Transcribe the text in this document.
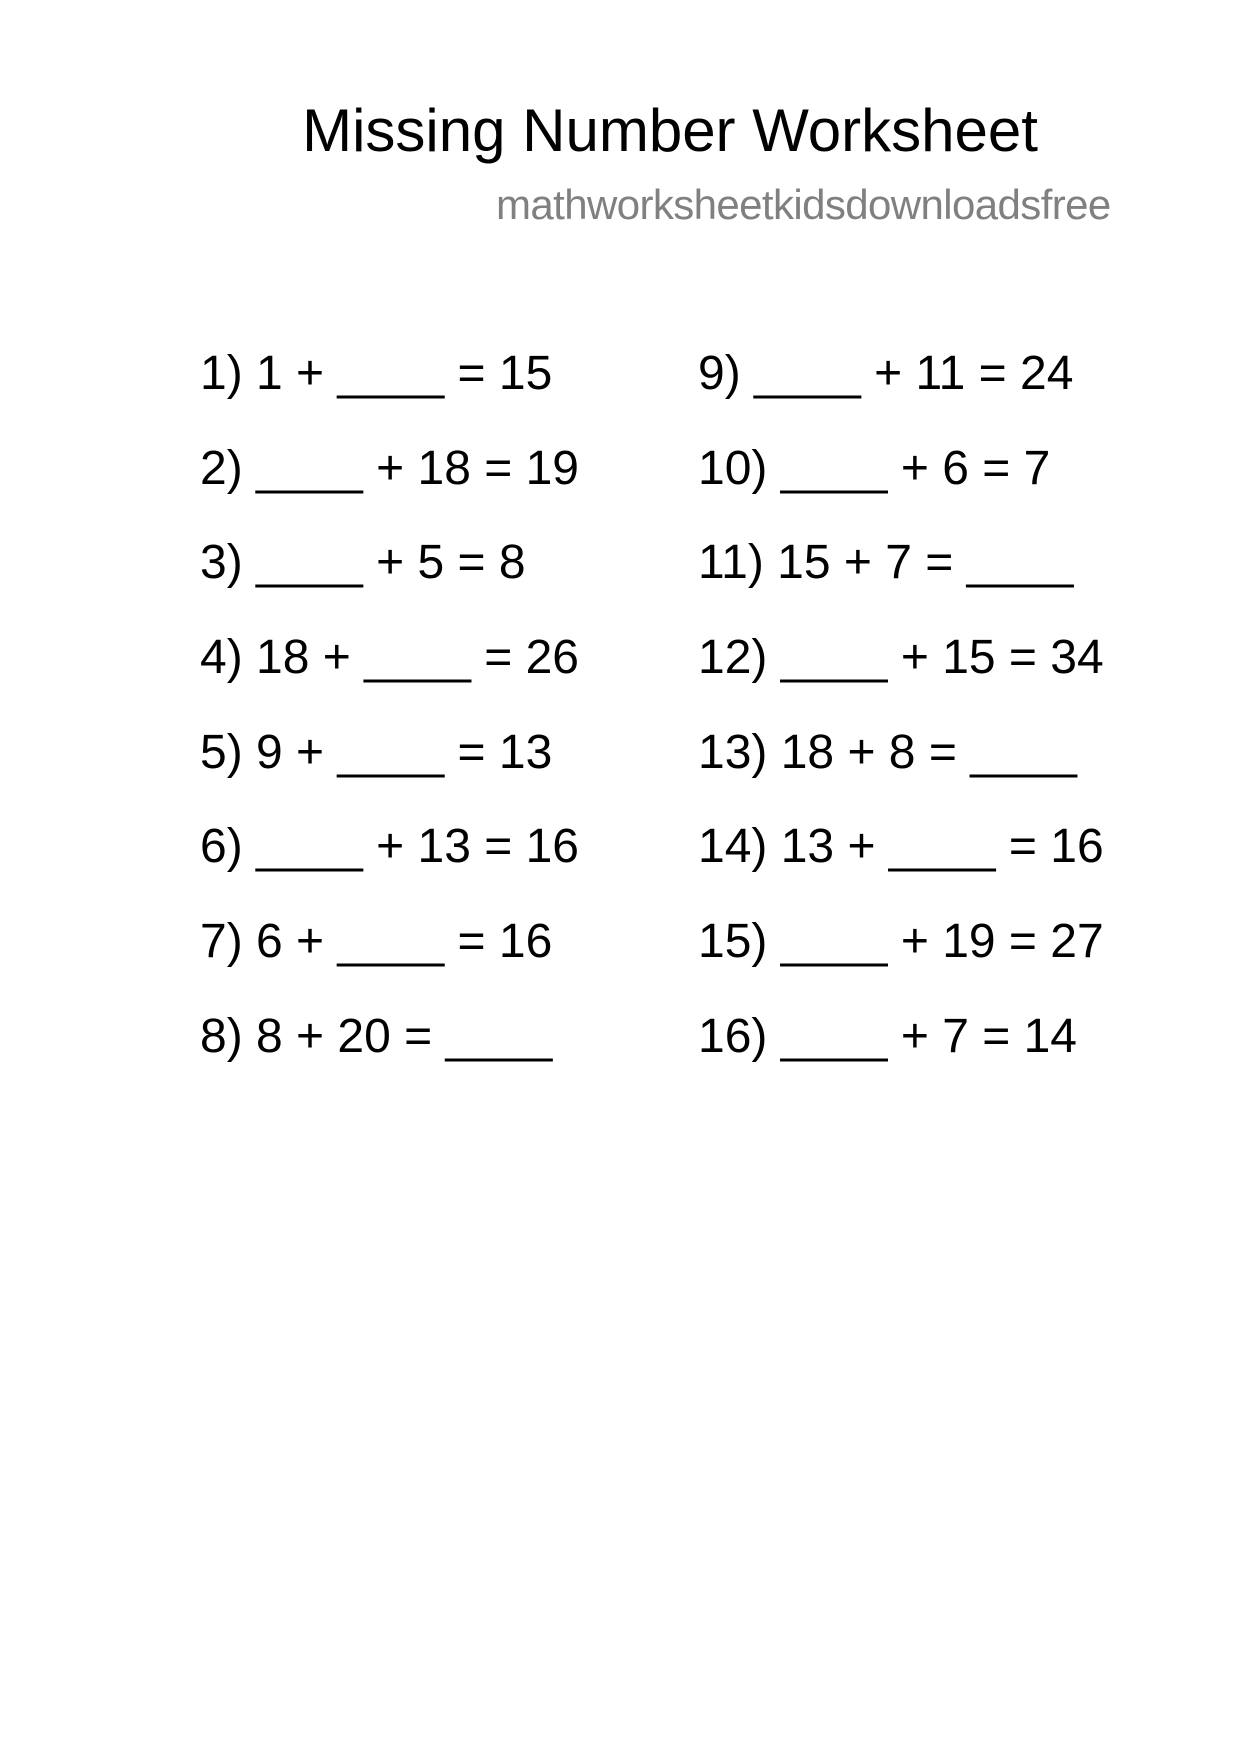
Missing Number Worksheet
mathworksheetkidsdownloadsfree
1) 1 + ____ = 15
2) ____ + 18 = 19
3) ____ + 5 = 8
4) 18 + ____ = 26
5) 9 + ____ = 13
6) ____ + 13 = 16
7) 6 + ____ = 16
8) 8 + 20 = ____
9) ____ + 11 = 24
10) ____ + 6 = 7
11) 15 + 7 = ____
12) ____ + 15 = 34
13) 18 + 8 = ____
14) 13 + ____ = 16
15) ____ + 19 = 27
16) ____ + 7 = 14
